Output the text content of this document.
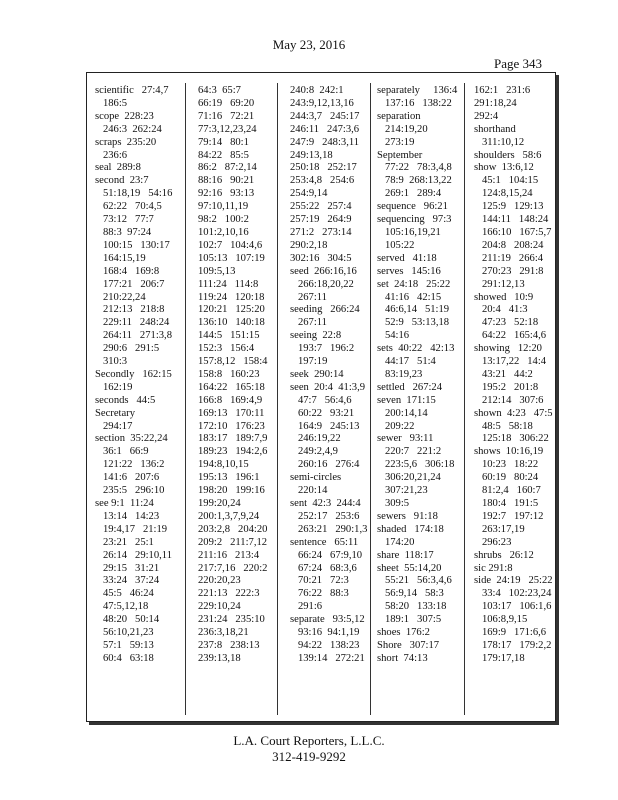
May 23, 2016
Page 343
scientific   27:4,7
186:5
scope  228:23
246:3  262:24
scraps  235:20
236:6
seal  289:8
second  23:7
51:18,19   54:16
62:22   70:4,5
73:12   77:7
88:3  97:24
100:15   130:17
164:15,19
168:4   169:8
177:21   206:7
210:22,24
212:13   218:8
229:11   248:24
264:11   271:3,8
290:6   291:5
310:3
Secondly   162:15
162:19
seconds   44:5
Secretary
294:17
section  35:22,24
36:1   66:9
121:22   136:2
141:6   207:6
235:5   296:10
see 9:1  11:24
13:14   14:23
19:4,17   21:19
23:21   25:1
26:14   29:10,11
29:15   31:21
33:24   37:24
45:5   46:24
47:5,12,18
48:20   50:14
56:10,21,23
57:1   59:13
60:4   63:18
64:3  65:7
66:19   69:20
71:16   72:21
77:3,12,23,24
79:14   80:1
84:22   85:5
86:2   87:2,14
88:16   90:21
92:16   93:13
97:10,11,19
98:2   100:2
101:2,10,16
102:7   104:4,6
105:13   107:19
109:5,13
111:24   114:8
119:24   120:18
120:21   125:20
136:10   140:18
144:5   151:15
152:3   156:4
157:8,12   158:4
158:8   160:23
164:22   165:18
166:8   169:4,9
169:13   170:11
172:10   176:23
183:17   189:7,9
189:23   194:2,6
194:8,10,15
195:13   196:1
198:20   199:16
199:20,24
200:1,3,7,9,24
203:2,8   204:20
209:2   211:7,12
211:16   213:4
217:7,16   220:2
220:20,23
221:13   222:3
229:10,24
231:24   235:10
236:3,18,21
237:8   238:13
239:13,18
240:8  242:1
243:9,12,13,16
244:3,7   245:17
246:11   247:3,6
247:9   248:3,11
249:13,18
250:18   252:17
253:4,8   254:6
254:9,14
255:22   257:4
257:19   264:9
271:2   273:14
290:2,18
302:16   304:5
seed  266:16,16
266:18,20,22
267:11
seeding   266:24
267:11
seeing  22:8
193:7   196:2
197:19
seek  290:14
seen  20:4  41:3,9
47:7   56:4,6
60:22   93:21
164:9   245:13
246:19,22
249:2,4,9
260:16   276:4
semi-circles
220:14
sent  42:3  244:4
252:17   253:6
263:21   290:1,3
sentence   65:11
66:24   67:9,10
67:24   68:3,6
70:21   72:3
76:22   88:3
291:6
separate   93:5,12
93:16  94:1,19
94:22   138:23
139:14   272:21
separately     136:4
137:16   138:22
separation
214:19,20
273:19
September
77:22   78:3,4,8
78:9  268:13,22
269:1   289:4
sequence   96:21
sequencing   97:3
105:16,19,21
105:22
served   41:18
serves   145:16
set  24:18   25:22
41:16   42:15
46:6,14   51:19
52:9   53:13,18
54:16
sets  40:22   42:13
44:17   51:4
83:19,23
settled   267:24
seven  171:15
200:14,14
209:22
sewer   93:11
220:7   221:2
223:5,6   306:18
306:20,21,24
307:21,23
309:5
sewers   91:18
shaded   174:18
174:20
share  118:17
sheet  55:14,20
55:21   56:3,4,6
56:9,14   58:3
58:20   133:18
189:1   307:5
shoes  176:2
Shore   307:17
short  74:13
162:1   231:6
291:18,24
292:4
shorthand
311:10,12
shoulders   58:6
show  13:6,12
45:1   104:15
124:8,15,24
125:9   129:13
144:11   148:24
166:10   167:5,7
204:8   208:24
211:19   266:4
270:23   291:8
291:12,13
showed   10:9
20:4   41:3
47:23   52:18
64:22   165:4,6
showing   12:20
13:17,22   14:4
43:21   44:2
195:2   201:8
212:14   307:6
shown  4:23   47:5
48:5   58:18
125:18   306:22
shows  10:16,19
10:23   18:22
60:19   80:24
81:2,4   160:7
180:4   191:5
192:7   197:12
263:17,19
296:23
shrubs   26:12
sic 291:8
side  24:19   25:22
33:4   102:23,24
103:17   106:1,6
106:8,9,15
169:9   171:6,6
178:17   179:2,2
179:17,18
L.A. Court Reporters, L.L.C.
312-419-9292
